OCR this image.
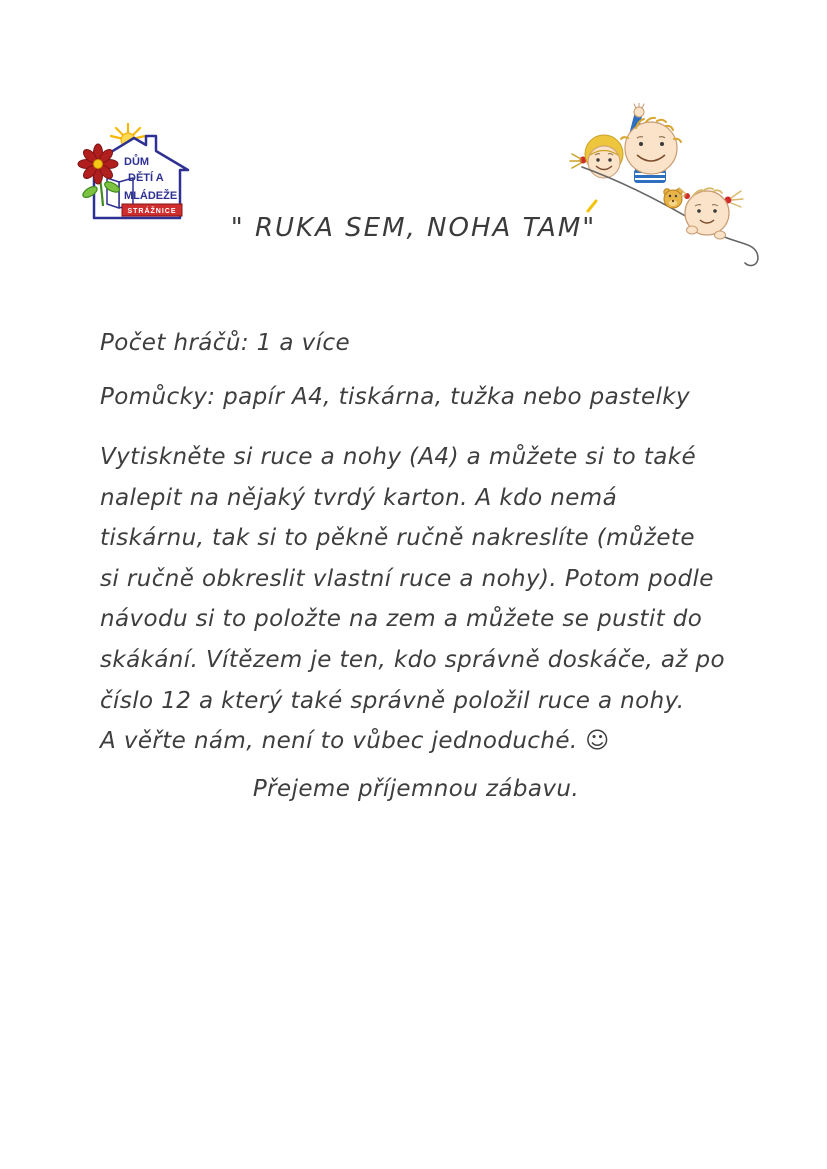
DŮM
DĚTÍ A
MLÁDEŽE
STRÁŽNICE
" RUKA SEM, NOHA TAM"
Počet hráčů: 1 a více
Pomůcky: papír A4, tiskárna, tužka nebo pastelky
Vytiskněte si ruce a nohy (A4) a můžete si to také
nalepit na nějaký tvrdý karton. A kdo nemá
tiskárnu, tak si to pěkně ručně nakreslíte (můžete
si ručně obkreslit vlastní ruce a nohy). Potom podle
návodu si to položte na zem a můžete se pustit do
skákání. Vítězem je ten, kdo správně doskáče, až po
číslo 12 a který také správně položil ruce a nohy.
A věřte nám, není to vůbec jednoduché. ☺
Přejeme příjemnou zábavu.
